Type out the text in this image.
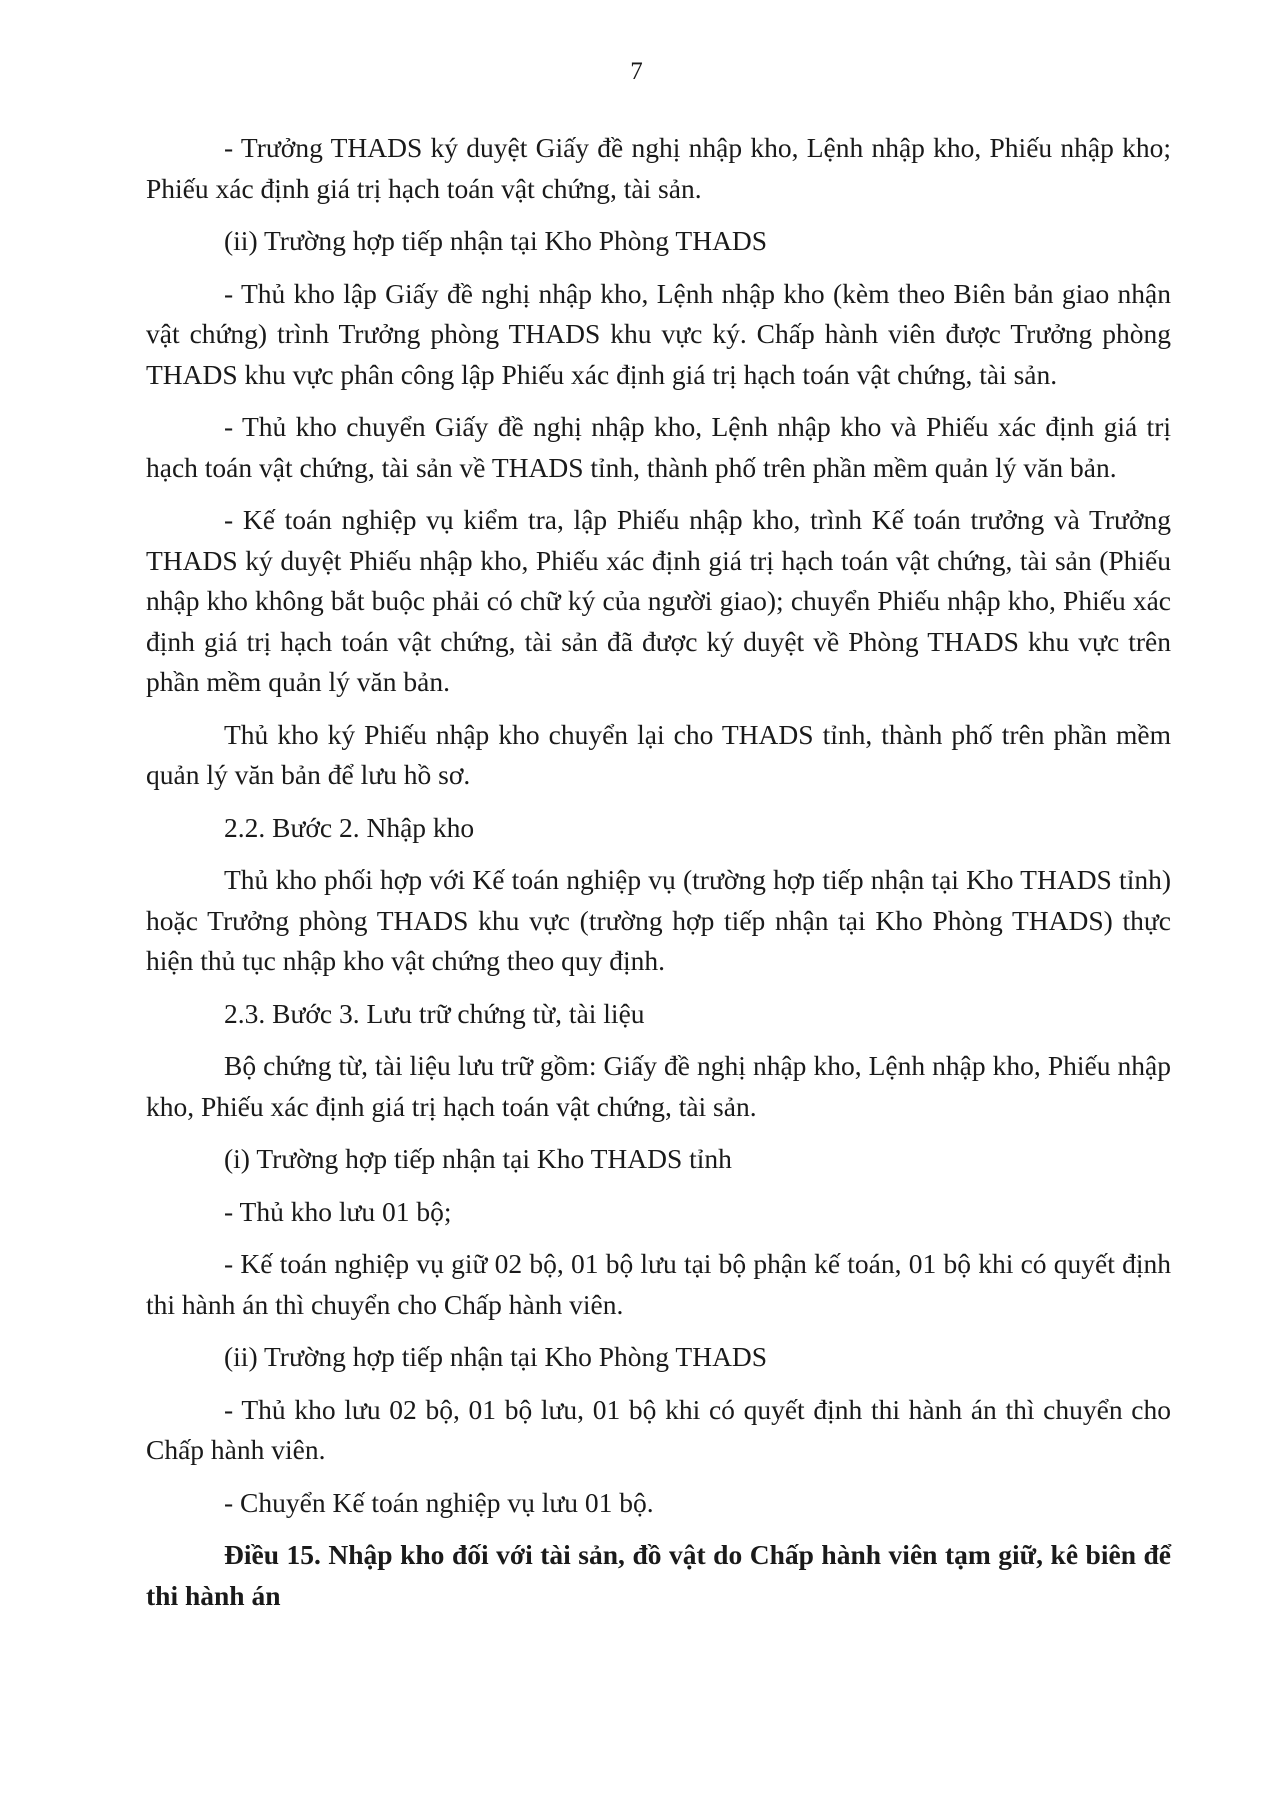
7

- Trưởng THADS ký duyệt Giấy đề nghị nhập kho, Lệnh nhập kho, Phiếu nhập kho; Phiếu xác định giá trị hạch toán vật chứng, tài sản.

(ii) Trường hợp tiếp nhận tại Kho Phòng THADS

- Thủ kho lập Giấy đề nghị nhập kho, Lệnh nhập kho (kèm theo Biên bản giao nhận vật chứng) trình Trưởng phòng THADS khu vực ký. Chấp hành viên được Trưởng phòng THADS khu vực phân công lập Phiếu xác định giá trị hạch toán vật chứng, tài sản.

- Thủ kho chuyển Giấy đề nghị nhập kho, Lệnh nhập kho và Phiếu xác định giá trị hạch toán vật chứng, tài sản về THADS tỉnh, thành phố trên phần mềm quản lý văn bản.

- Kế toán nghiệp vụ kiểm tra, lập Phiếu nhập kho, trình Kế toán trưởng và Trưởng THADS ký duyệt Phiếu nhập kho, Phiếu xác định giá trị hạch toán vật chứng, tài sản (Phiếu nhập kho không bắt buộc phải có chữ ký của người giao); chuyển Phiếu nhập kho, Phiếu xác định giá trị hạch toán vật chứng, tài sản đã được ký duyệt về Phòng THADS khu vực trên phần mềm quản lý văn bản.

Thủ kho ký Phiếu nhập kho chuyển lại cho THADS tỉnh, thành phố trên phần mềm quản lý văn bản để lưu hồ sơ.

2.2. Bước 2. Nhập kho

Thủ kho phối hợp với Kế toán nghiệp vụ (trường hợp tiếp nhận tại Kho THADS tỉnh) hoặc Trưởng phòng THADS khu vực (trường hợp tiếp nhận tại Kho Phòng THADS) thực hiện thủ tục nhập kho vật chứng theo quy định.

2.3. Bước 3. Lưu trữ chứng từ, tài liệu

Bộ chứng từ, tài liệu lưu trữ gồm: Giấy đề nghị nhập kho, Lệnh nhập kho, Phiếu nhập kho, Phiếu xác định giá trị hạch toán vật chứng, tài sản.

(i) Trường hợp tiếp nhận tại Kho THADS tỉnh

- Thủ kho lưu 01 bộ;

- Kế toán nghiệp vụ giữ 02 bộ, 01 bộ lưu tại bộ phận kế toán, 01 bộ khi có quyết định thi hành án thì chuyển cho Chấp hành viên.

(ii) Trường hợp tiếp nhận tại Kho Phòng THADS

- Thủ kho lưu 02 bộ, 01 bộ lưu, 01 bộ khi có quyết định thi hành án thì chuyển cho Chấp hành viên.

- Chuyển Kế toán nghiệp vụ lưu 01 bộ.

Điều 15. Nhập kho đối với tài sản, đồ vật do Chấp hành viên tạm giữ, kê biên để thi hành án
